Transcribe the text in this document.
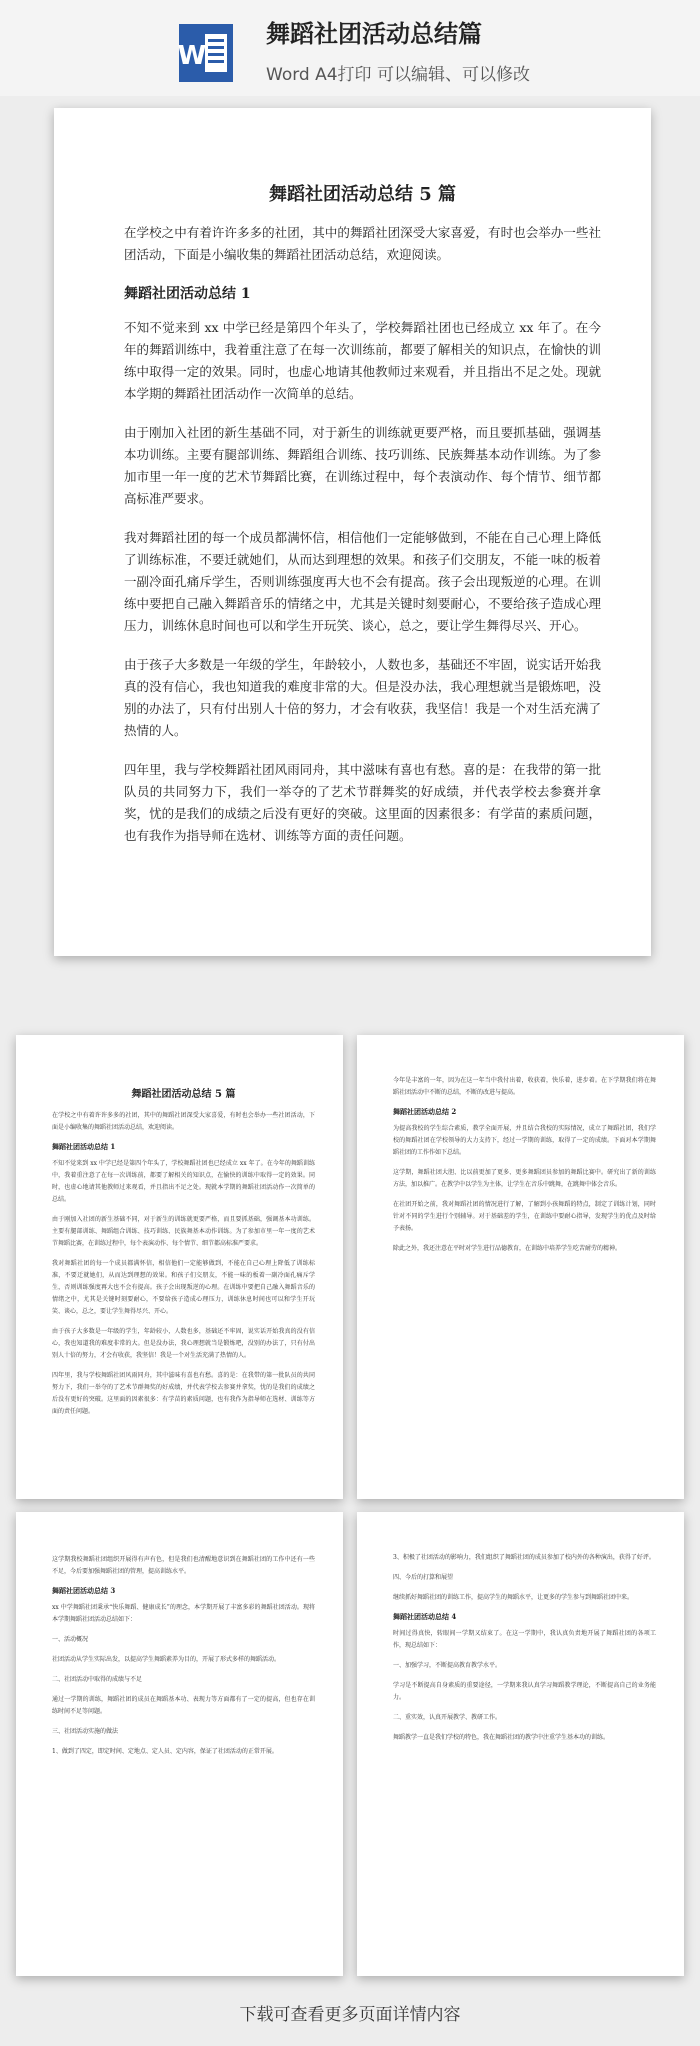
W
舞蹈社团活动总结篇
Word A4打印 可以编辑、可以修改
舞蹈社团活动总结 5 篇

在学校之中有着许许多多的社团，其中的舞蹈社团深受大家喜爱，有时也会举办一些社团活动，下面是小编收集的舞蹈社团活动总结，欢迎阅读。

舞蹈社团活动总结 1

不知不觉来到 xx 中学已经是第四个年头了，学校舞蹈社团也已经成立 xx 年了。在今年的舞蹈训练中，我着重注意了在每一次训练前，都要了解相关的知识点，在愉快的训练中取得一定的效果。同时，也虚心地请其他教师过来观看，并且指出不足之处。现就本学期的舞蹈社团活动作一次简单的总结。

由于刚加入社团的新生基础不同，对于新生的训练就更要严格，而且要抓基础，强调基本功训练。主要有腿部训练、舞蹈组合训练、技巧训练、民族舞基本动作训练。为了参加市里一年一度的艺术节舞蹈比赛，在训练过程中，每个表演动作、每个情节、细节都高标准严要求。

我对舞蹈社团的每一个成员都满怀信，相信他们一定能够做到，不能在自己心理上降低了训练标准，不要迁就她们，从而达到理想的效果。和孩子们交朋友，不能一味的板着一副冷面孔痛斥学生，否则训练强度再大也不会有提高。孩子会出现叛逆的心理。在训练中要把自己融入舞蹈音乐的情绪之中，尤其是关键时刻要耐心，不要给孩子造成心理压力，训练休息时间也可以和学生开玩笑、谈心，总之，要让学生舞得尽兴、开心。

由于孩子大多数是一年级的学生，年龄较小，人数也多，基础还不牢固，说实话开始我真的没有信心，我也知道我的难度非常的大。但是没办法，我心理想就当是锻炼吧，没别的办法了，只有付出别人十倍的努力，才会有收获，我坚信！我是一个对生活充满了热情的人。

四年里，我与学校舞蹈社团风雨同舟，其中滋味有喜也有愁。喜的是：在我带的第一批队员的共同努力下，我们一举夺的了艺术节群舞奖的好成绩，并代表学校去参赛并拿奖，忧的是我们的成绩之后没有更好的突破。这里面的因素很多：有学苗的素质问题，也有我作为指导师在选材、训练等方面的责任问题。

舞蹈社团活动总结 5 篇

在学校之中有着许许多多的社团，其中的舞蹈社团深受大家喜爱，有时也会举办一些社团活动，下面是小编收集的舞蹈社团活动总结，欢迎阅读。

舞蹈社团活动总结 1

不知不觉来到 xx 中学已经是第四个年头了，学校舞蹈社团也已经成立 xx 年了。在今年的舞蹈训练中，我着重注意了在每一次训练前，都要了解相关的知识点，在愉快的训练中取得一定的效果。同时，也虚心地请其他教师过来观看，并且指出不足之处。现就本学期的舞蹈社团活动作一次简单的总结。

由于刚加入社团的新生基础不同，对于新生的训练就更要严格，而且要抓基础，强调基本功训练。主要有腿部训练、舞蹈组合训练、技巧训练、民族舞基本动作训练。为了参加市里一年一度的艺术节舞蹈比赛，在训练过程中，每个表演动作、每个情节、细节都高标准严要求。

我对舞蹈社团的每一个成员都满怀信，相信他们一定能够做到，不能在自己心理上降低了训练标准，不要迁就她们，从而达到理想的效果。和孩子们交朋友，不能一味的板着一副冷面孔痛斥学生，否则训练强度再大也不会有提高。孩子会出现叛逆的心理。在训练中要把自己融入舞蹈音乐的情绪之中，尤其是关键时刻要耐心，不要给孩子造成心理压力，训练休息时间也可以和学生开玩笑、谈心，总之，要让学生舞得尽兴、开心。

由于孩子大多数是一年级的学生，年龄较小，人数也多，基础还不牢固，说实话开始我真的没有信心，我也知道我的难度非常的大。但是没办法，我心理想就当是锻炼吧，没别的办法了，只有付出别人十倍的努力，才会有收获，我坚信！我是一个对生活充满了热情的人。

四年里，我与学校舞蹈社团风雨同舟，其中滋味有喜也有愁。喜的是：在我带的第一批队员的共同努力下，我们一举夺的了艺术节群舞奖的好成绩，并代表学校去参赛并拿奖，忧的是我们的成绩之后没有更好的突破。这里面的因素很多：有学苗的素质问题，也有我作为指导师在选材、训练等方面的责任问题。

今年是丰富的一年，因为在这一年当中我付出着，收获着，快乐着，进步着。在下学期我们将在舞蹈社团活动中不断的总结，不断的改进与提高。

舞蹈社团活动总结 2

为提高我校的学生综合素质，教学全面开展，并且结合我校的实际情况，成立了舞蹈社团，我们学校的舞蹈社团在学校领导的大力支持下，经过一学期的训练，取得了一定的成绩。下面对本学期舞蹈社团的工作作如下总结。

这学期，舞蹈社团大胆、比以前更加了更多、更多舞蹈团员参加的舞蹈比赛中。研究出了新的训练方法，加以推广。在教学中以学生为主体，让学生在音乐中跳舞，在跳舞中体会音乐。

在社团开始之前，我对舞蹈社团的情况进行了解，了解到小孩舞蹈的特点，制定了训练计划，同时针对不同的学生进行个别辅导。对于基础差的学生，在训练中要耐心指导，发现学生的优点及时给予表扬。

除此之外，我还注意在平时对学生进行品德教育，在训练中培养学生吃苦耐劳的精神。

这学期我校舞蹈社团组织开展得有声有色，但是我们也清醒地意识到在舞蹈社团的工作中还有一些不足，今后要加强舞蹈社团的管理，提高训练水平。

舞蹈社团活动总结 3

xx 中学舞蹈社团秉承“快乐舞蹈、健康成长”的理念，本学期开展了丰富多彩的舞蹈社团活动。现将本学期舞蹈社团活动总结如下：

一、活动概况

社团活动从学生实际出发，以提高学生舞蹈素养为目的，开展了形式多样的舞蹈活动。

二、社团活动中取得的成绩与不足

通过一学期的训练，舞蹈社团的成员在舞蹈基本功、表现力等方面都有了一定的提高，但也存在训练时间不足等问题。

三、社团活动实施的做法

1、做到了四定，即定时间、定地点、定人员、定内容，保证了社团活动的正常开展。

3、积极了社团活动的影响力，我们组织了舞蹈社团的成员参加了校内外的各种演出，获得了好评。

四、今后的打算和展望

继续抓好舞蹈社团的训练工作，提高学生的舞蹈水平，让更多的学生参与到舞蹈社团中来。

舞蹈社团活动总结 4

时间过得真快，转眼间一学期又结束了。在这一学期中，我认真负责地开展了舞蹈社团的各项工作，现总结如下：

一、加强学习，不断提高教育教学水平。

学习是不断提高自身素质的重要途径，一学期来我认真学习舞蹈教学理论，不断提高自己的业务能力。

二、重实效，认真开展教学、教研工作。

舞蹈教学一直是我们学校的特色，我在舞蹈社团的教学中注重学生基本功的训练。

下载可查看更多页面详情内容
